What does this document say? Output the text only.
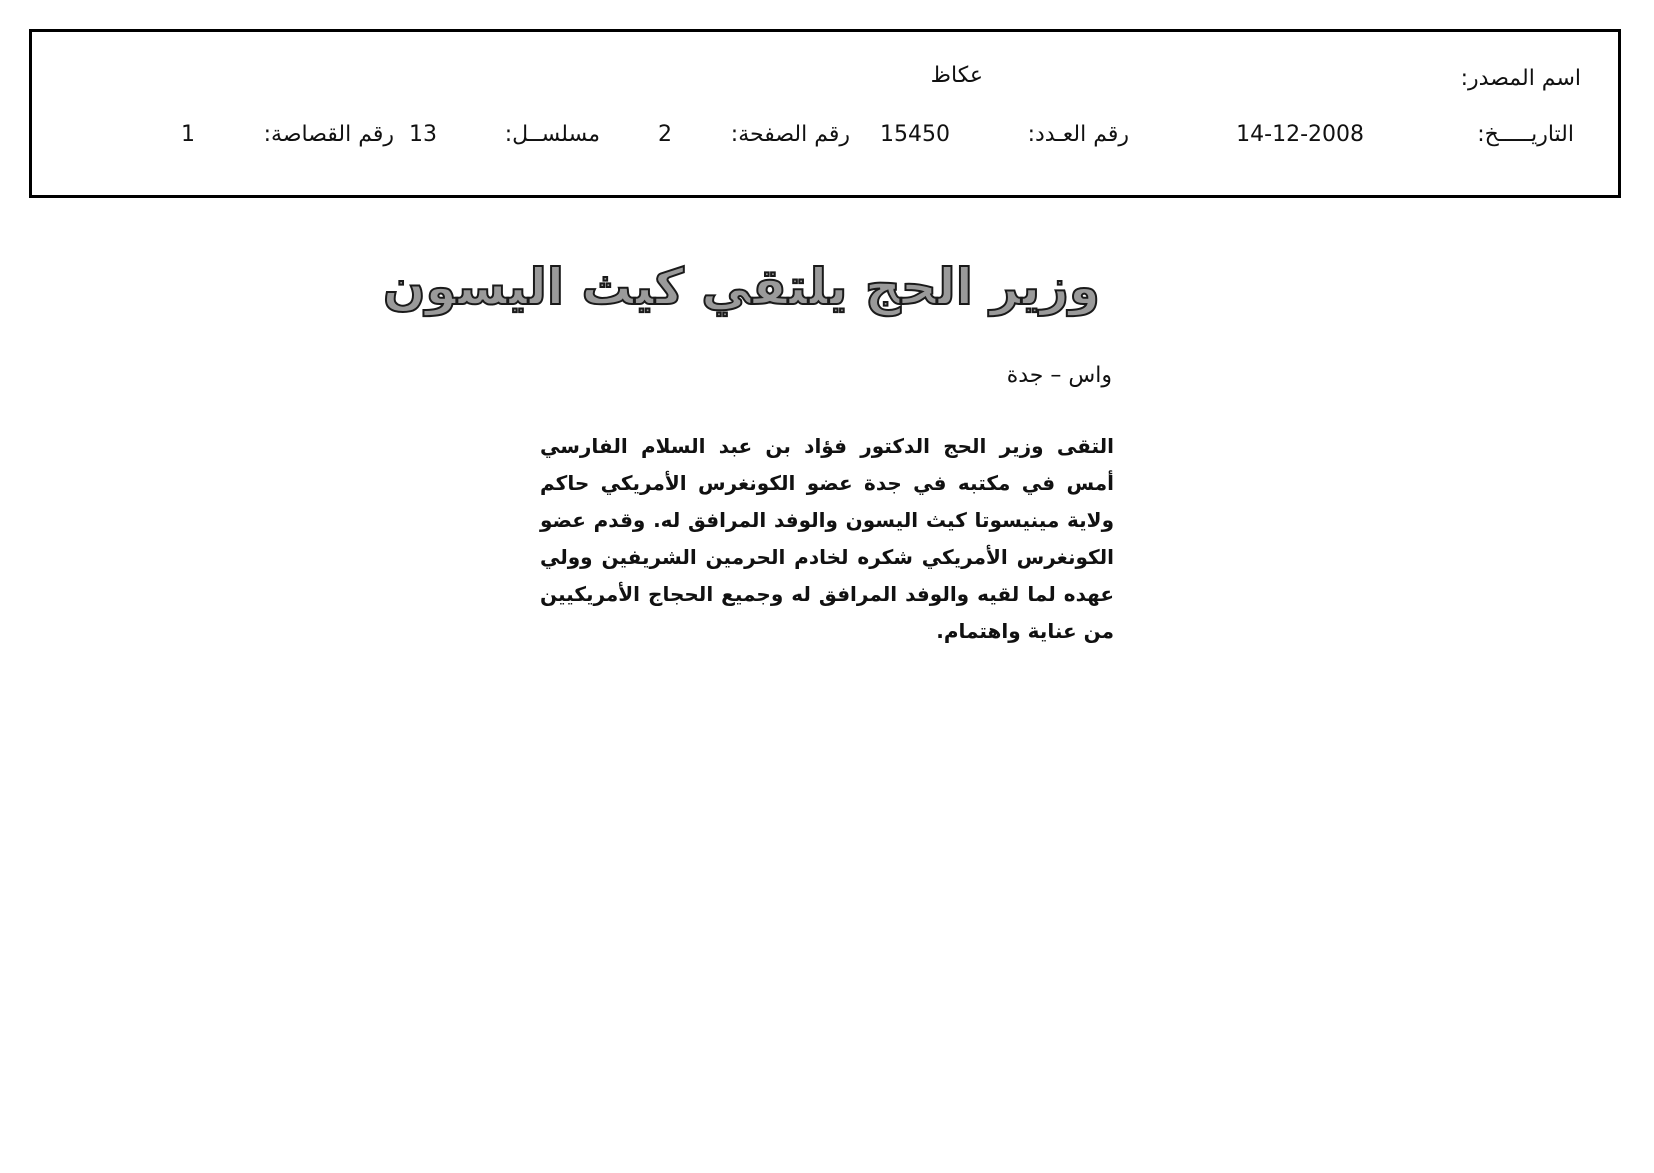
اسم المصدر:
عكاظ
التاريـــــخ:
14-12-2008
رقم العـدد:
15450
رقم الصفحة:
2
مسلســل:
13
رقم القصاصة:
1
وزير الحج يلتقي كيث اليسون
واس – جدة
التقى وزير الحج الدكتور فؤاد بن عبد السلام الفارسي أمس في مكتبه في جدة عضو الكونغرس الأمريكي حاكم ولاية مينيسوتا كيث اليسون والوفد المرافق له. وقدم عضو الكونغرس الأمريكي شكره لخادم الحرمين الشريفين وولي عهده لما لقيه والوفد المرافق له وجميع الحجاج الأمريكيين من عناية واهتمام.
